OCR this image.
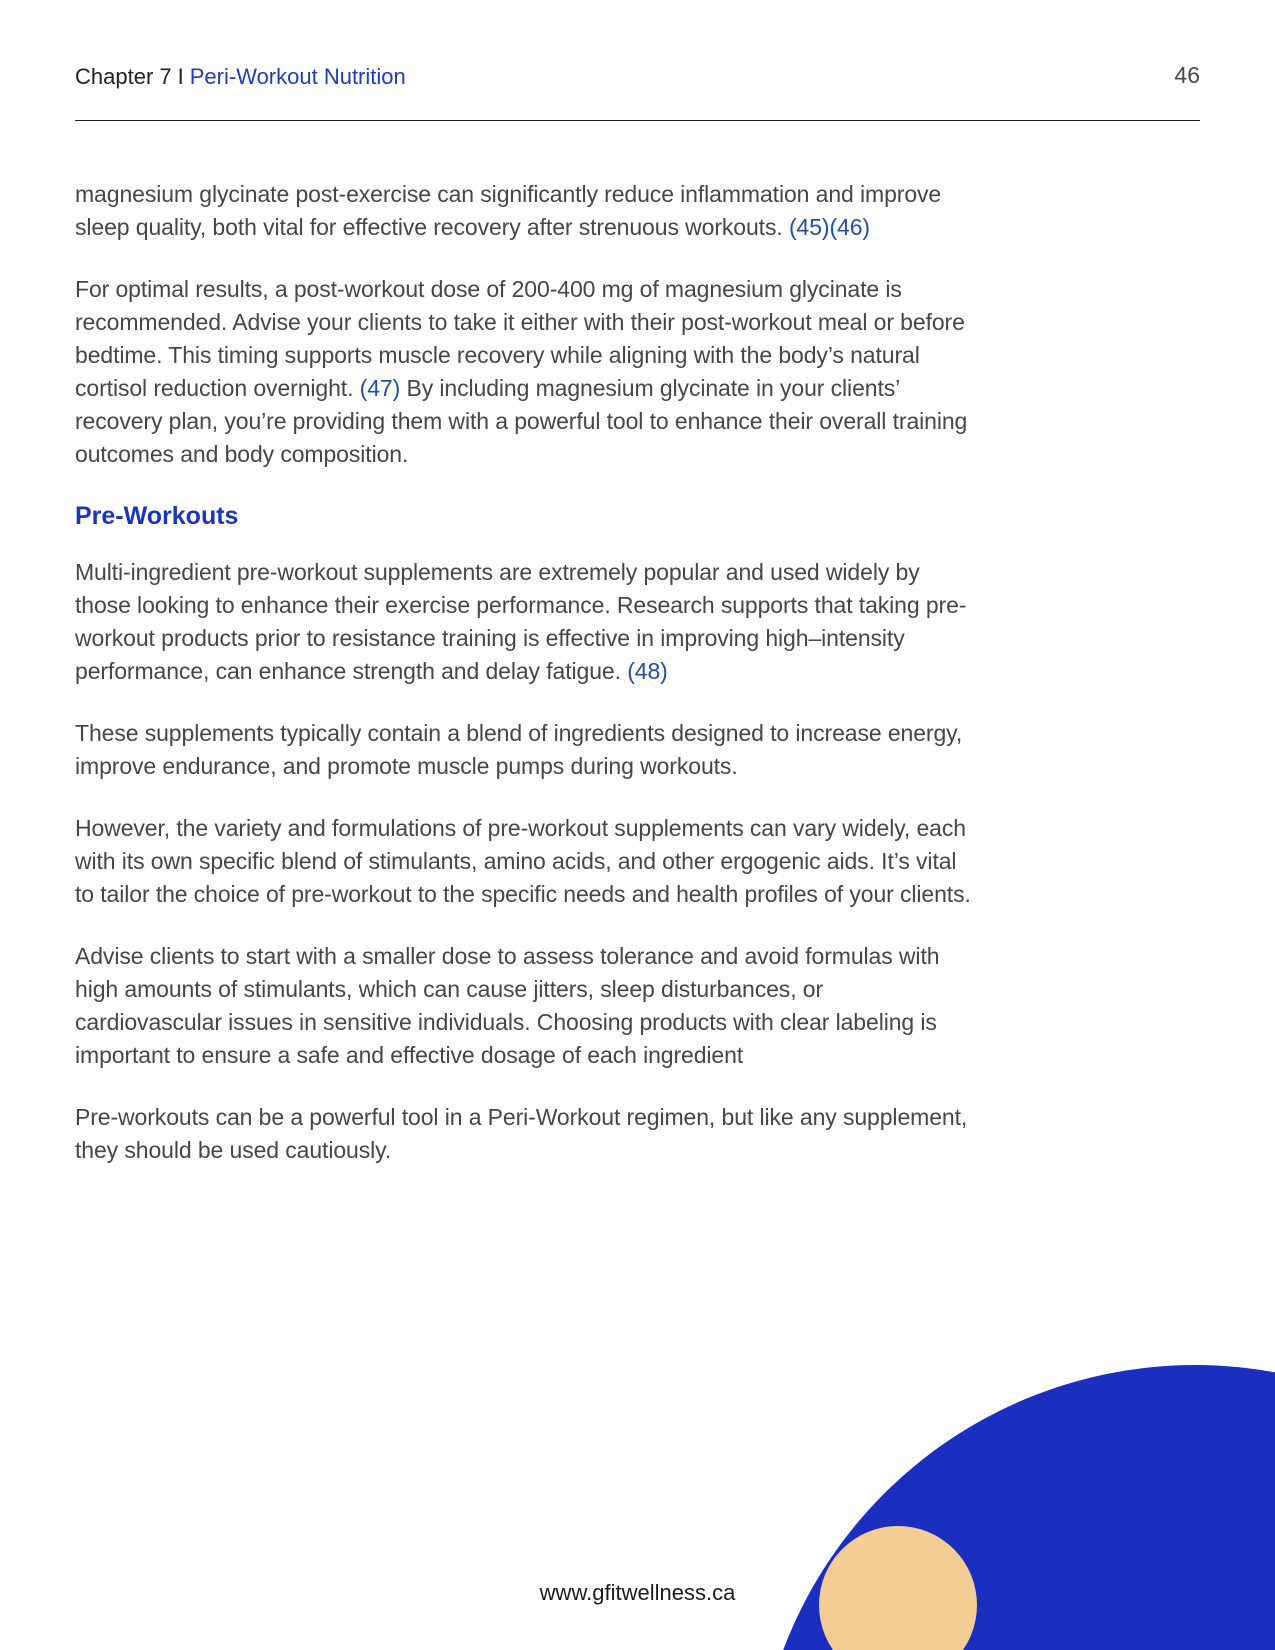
Chapter 7 I Peri-Workout Nutrition	46

magnesium glycinate post-exercise can significantly reduce inflammation and improve sleep quality, both vital for effective recovery after strenuous workouts. (45)(46)

For optimal results, a post-workout dose of 200-400 mg of magnesium glycinate is recommended. Advise your clients to take it either with their post-workout meal or before bedtime. This timing supports muscle recovery while aligning with the body’s natural cortisol reduction overnight. (47) By including magnesium glycinate in your clients’ recovery plan, you’re providing them with a powerful tool to enhance their overall training outcomes and body composition.

Pre-Workouts

Multi-ingredient pre-workout supplements are extremely popular and used widely by those looking to enhance their exercise performance. Research supports that taking pre-workout products prior to resistance training is effective in improving high–intensity performance, can enhance strength and delay fatigue. (48)

These supplements typically contain a blend of ingredients designed to increase energy, improve endurance, and promote muscle pumps during workouts.

However, the variety and formulations of pre-workout supplements can vary widely, each with its own specific blend of stimulants, amino acids, and other ergogenic aids. It’s vital to tailor the choice of pre-workout to the specific needs and health profiles of your clients.

Advise clients to start with a smaller dose to assess tolerance and avoid formulas with high amounts of stimulants, which can cause jitters, sleep disturbances, or cardiovascular issues in sensitive individuals. Choosing products with clear labeling is important to ensure a safe and effective dosage of each ingredient

Pre-workouts can be a powerful tool in a Peri-Workout regimen, but like any supplement, they should be used cautiously.

www.gfitwellness.ca
